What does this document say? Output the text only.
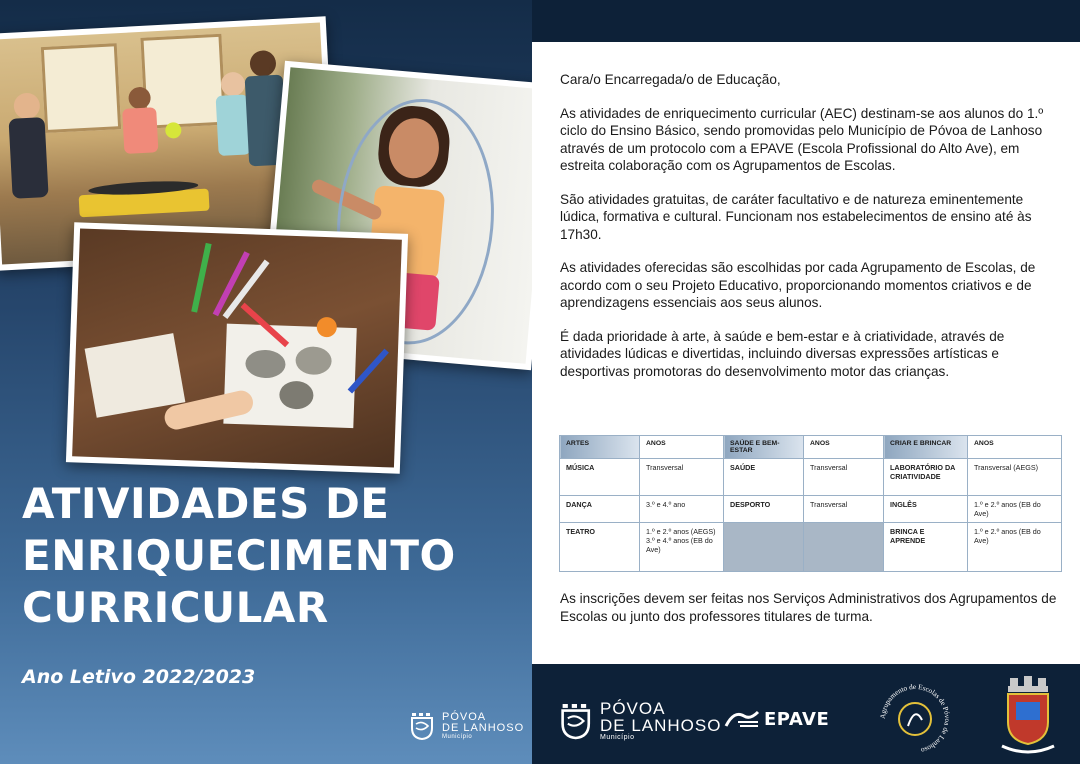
ATIVIDADES DE
ENRIQUECIMENTO
CURRICULAR
Ano Letivo 2022/2023
PÓVOA
DE LANHOSO
Município

Cara/o Encarregada/o de Educação,

As atividades de enriquecimento curricular (AEC) destinam-se aos alunos do 1.º ciclo do Ensino Básico, sendo promovidas pelo Município de Póvoa de Lanhoso através de um protocolo com a EPAVE (Escola Profissional do Alto Ave), em estreita colaboração com os Agrupamentos de Escolas.

São atividades gratuitas, de caráter facultativo e de natureza eminentemente lúdica, formativa e cultural. Funcionam nos estabelecimentos de ensino até às 17h30.

As atividades oferecidas são escolhidas por cada Agrupamento de Escolas, de acordo com o seu Projeto Educativo, proporcionando momentos criativos e de aprendizagens essenciais aos seus alunos.

É dada prioridade à arte, à saúde e bem-estar e à criatividade, através de atividades lúdicas e divertidas, incluindo diversas expressões artísticas e desportivas promotoras do desenvolvimento motor das crianças.

ARTES	ANOS	SAÚDE E BEM-ESTAR	ANOS	CRIAR E BRINCAR	ANOS
MÚSICA	Transversal	SAÚDE	Transversal	LABORATÓRIO DA CRIATIVIDADE	Transversal (AEGS)
DANÇA	3.º e 4.º ano	DESPORTO	Transversal	INGLÊS	1.º e 2.º anos (EB do Ave)
TEATRO	1.º e 2.º anos (AEGS) 3.º e 4.º anos (EB do Ave)			BRINCA E APRENDE	1.º e 2.º anos (EB do Ave)

As inscrições devem ser feitas nos Serviços Administrativos dos Agrupamentos de Escolas ou junto dos professores titulares de turma.

PÓVOA
DE LANHOSO
Município
EPAVE	Agrupamento de Escolas de Póvoa de Lanhoso
